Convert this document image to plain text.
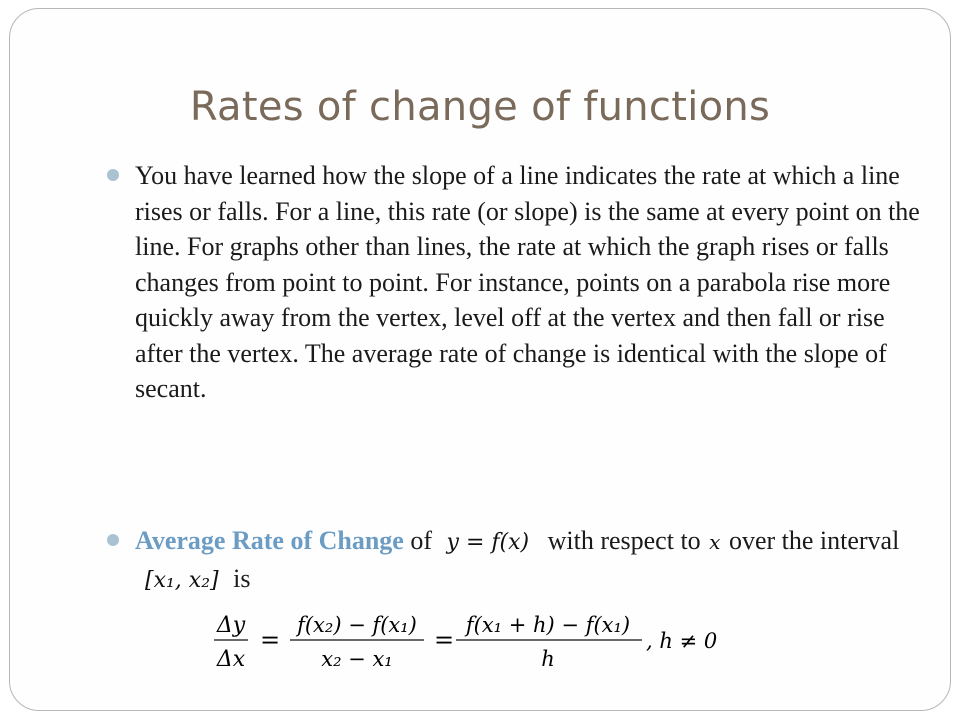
Rates of change of functions
You have learned how the slope of a line indicates the rate at which a line rises or falls. For a line, this rate (or slope) is the same at every point on the line. For graphs other than lines, the rate at which the graph rises or falls changes from point to point. For instance, points on a parabola rise more quickly away from the vertex, level off at the vertex and then fall or rise after the vertex. The average rate of change is identical with the slope of secant.
Average Rate of Change of y = f(x) with respect to x over the interval [x₁, x₂] is
Δy
Δx
=
f(x₂) − f(x₁)
x₂ − x₁
=
f(x₁ + h) − f(x₁)
h
, h ≠ 0
